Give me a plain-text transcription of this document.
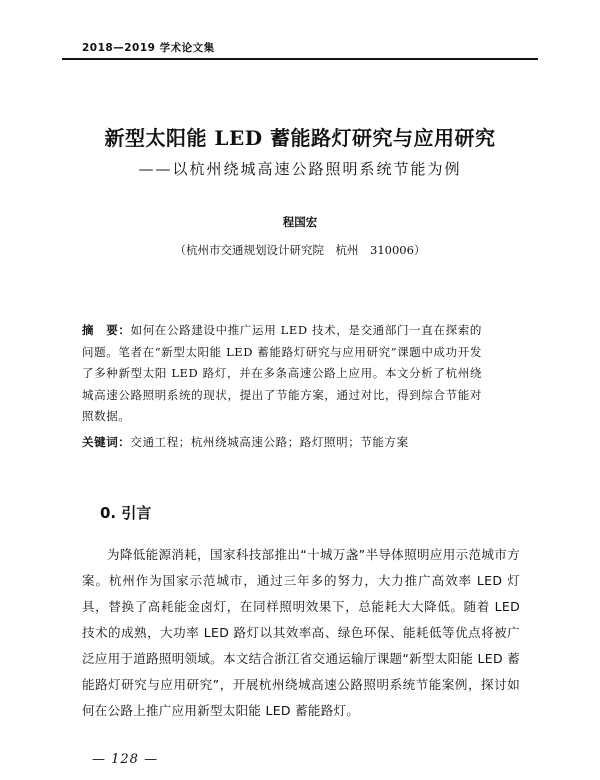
2018—2019 学术论文集
新型太阳能 LED 蓄能路灯研究与应用研究
——以杭州绕城高速公路照明系统节能为例
程国宏
（杭州市交通规划设计研究院　杭州　310006）
摘　要：如何在公路建设中推广运用 LED 技术，是交通部门一直在探索的问题。笔者在“新型太阳能 LED 蓄能路灯研究与应用研究”课题中成功开发了多种新型太阳 LED 路灯，并在多条高速公路上应用。本文分析了杭州绕城高速公路照明系统的现状，提出了节能方案，通过对比，得到综合节能对照数据。
关键词：交通工程；杭州绕城高速公路；路灯照明；节能方案
0. 引言
为降低能源消耗，国家科技部推出“十城万盏”半导体照明应用示范城市方案。杭州作为国家示范城市，通过三年多的努力，大力推广高效率 LED 灯具，替换了高耗能金卤灯，在同样照明效果下，总能耗大大降低。随着 LED 技术的成熟，大功率 LED 路灯以其效率高、绿色环保、能耗低等优点将被广泛应用于道路照明领域。本文结合浙江省交通运输厅课题“新型太阳能 LED 蓄能路灯研究与应用研究”，开展杭州绕城高速公路照明系统节能案例，探讨如何在公路上推广应用新型太阳能 LED 蓄能路灯。
— 128 —
